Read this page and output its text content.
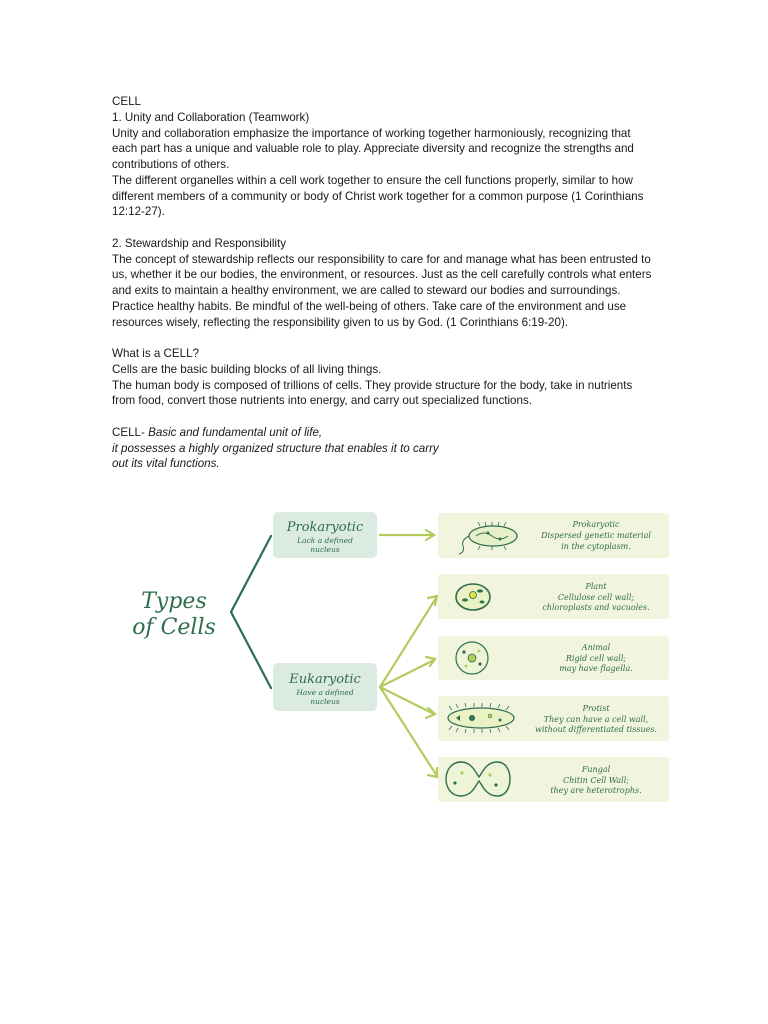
CELL

1. Unity and Collaboration (Teamwork)

Unity and collaboration emphasize the importance of working together harmoniously, recognizing that

each part has a unique and valuable role to play. Appreciate diversity and recognize the strengths and

contributions of others.

The different organelles within a cell work together to ensure the cell functions properly, similar to how

different members of a community or body of Christ work together for a common purpose (1 Corinthians

12:12-27).

2. Stewardship and Responsibility

The concept of stewardship reflects our responsibility to care for and manage what has been entrusted to

us, whether it be our bodies, the environment, or resources. Just as the cell carefully controls what enters

and exits to maintain a healthy environment, we are called to steward our bodies and surroundings.

Practice healthy habits. Be mindful of the well-being of others. Take care of the environment and use

resources wisely, reflecting the responsibility given to us by God. (1 Corinthians 6:19-20).

What is a CELL?

Cells are the basic building blocks of all living things.

The human body is composed of trillions of cells. They provide structure for the body, take in nutrients

from food, convert those nutrients into energy, and carry out specialized functions.

CELL- Basic and fundamental unit of life,

it possesses a highly organized structure that enables it to carry

out its vital functions.

Types
of Cells
Prokaryotic
Lack a defined
nucleus
Eukaryotic
Have a defined
nucleus
Prokaryotic
Dispersed genetic material
in the cytoplasm.
Plant
Cellulose cell wall;
chloroplasts and vacuoles.
Animal
Rigid cell wall;
may have flagella.
Protist
They can have a cell wall,
without differentiated tissues.
Fungal
Chitin Cell Wall;
they are heterotrophs.
